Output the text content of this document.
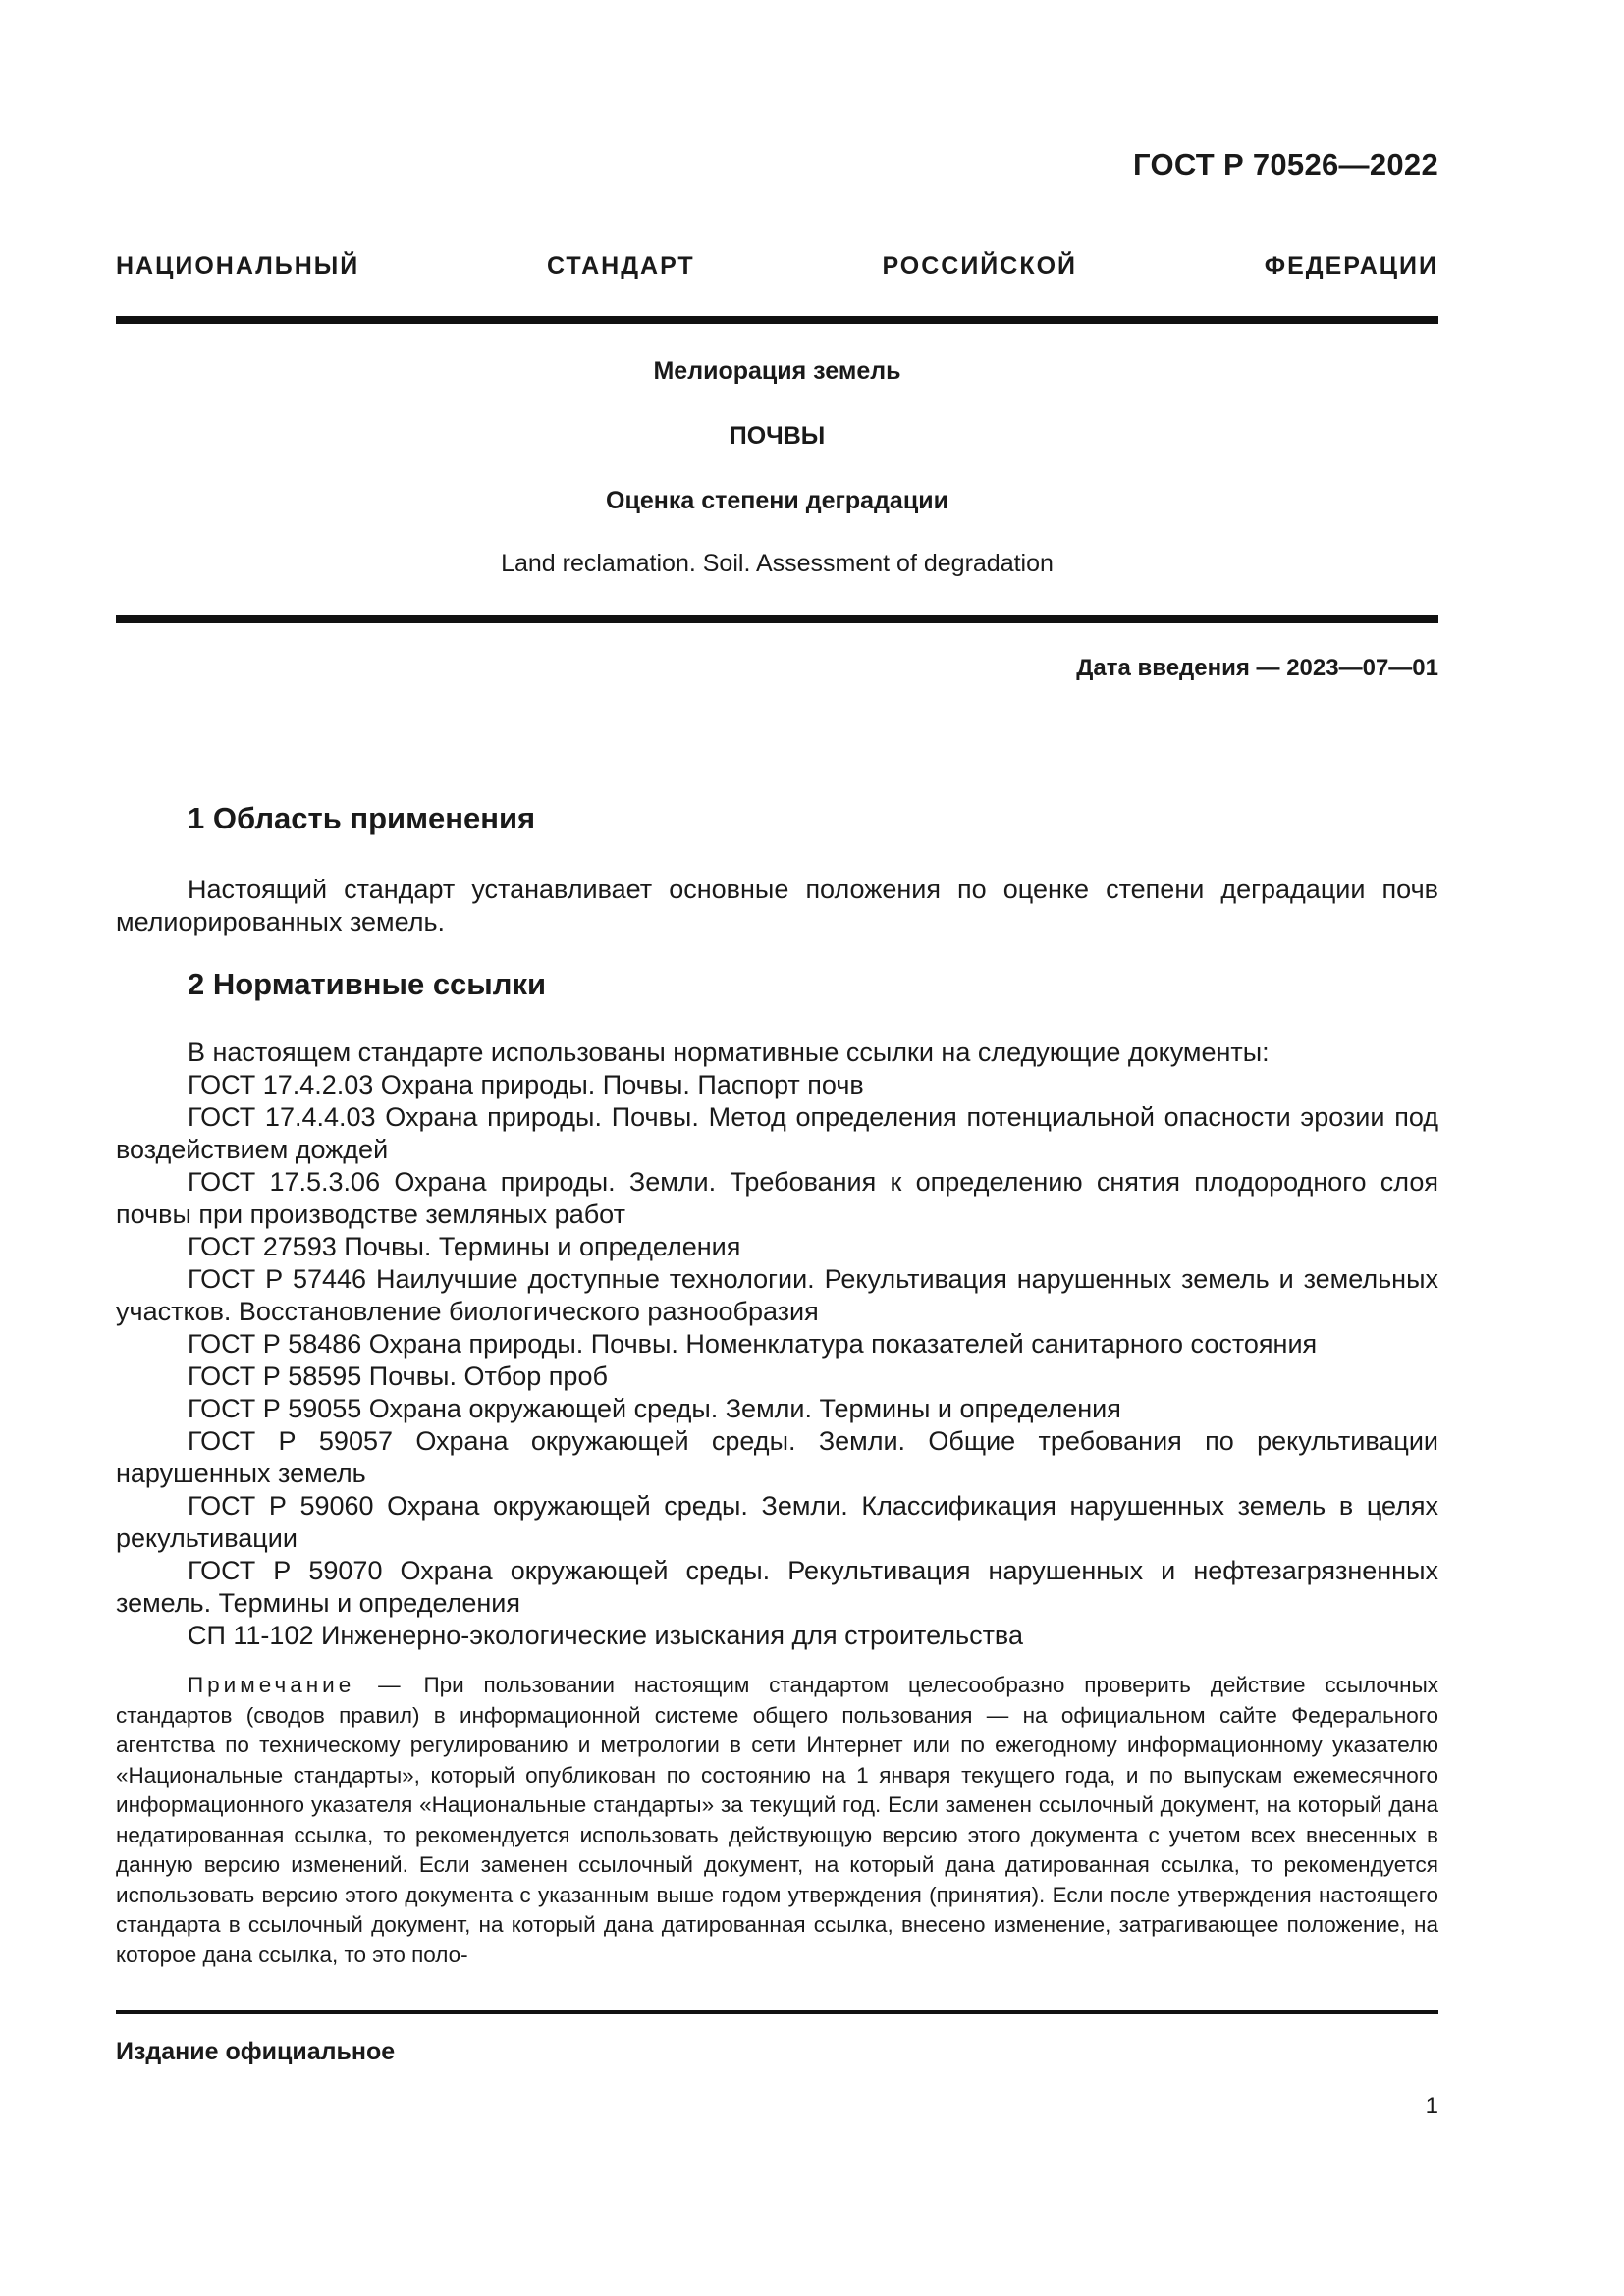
ГОСТ Р 70526—2022
НАЦИОНАЛЬНЫЙ СТАНДАРТ РОССИЙСКОЙ ФЕДЕРАЦИИ
Мелиорация земель
ПОЧВЫ
Оценка степени деградации
Land reclamation. Soil. Assessment of degradation
Дата введения — 2023—07—01
1 Область применения

Настоящий стандарт устанавливает основные положения по оценке степени деградации почв мелиорированных земель.

2 Нормативные ссылки

В настоящем стандарте использованы нормативные ссылки на следующие документы:

ГОСТ 17.4.2.03 Охрана природы. Почвы. Паспорт почв

ГОСТ 17.4.4.03 Охрана природы. Почвы. Метод определения потенциальной опасности эрозии под воздействием дождей

ГОСТ 17.5.3.06 Охрана природы. Земли. Требования к определению снятия плодородного слоя почвы при производстве земляных работ

ГОСТ 27593 Почвы. Термины и определения

ГОСТ Р 57446 Наилучшие доступные технологии. Рекультивация нарушенных земель и земельных участков. Восстановление биологического разнообразия

ГОСТ Р 58486 Охрана природы. Почвы. Номенклатура показателей санитарного состояния

ГОСТ Р 58595 Почвы. Отбор проб

ГОСТ Р 59055 Охрана окружающей среды. Земли. Термины и определения

ГОСТ Р 59057 Охрана окружающей среды. Земли. Общие требования по рекультивации нарушенных земель

ГОСТ Р 59060 Охрана окружающей среды. Земли. Классификация нарушенных земель в целях рекультивации

ГОСТ Р 59070 Охрана окружающей среды. Рекультивация нарушенных и нефтезагрязненных земель. Термины и определения

СП 11-102 Инженерно-экологические изыскания для строительства

Примечание — При пользовании настоящим стандартом целесообразно проверить действие ссылочных стандартов (сводов правил) в информационной системе общего пользования — на официальном сайте Федерального агентства по техническому регулированию и метрологии в сети Интернет или по ежегодному информационному указателю «Национальные стандарты», который опубликован по состоянию на 1 января текущего года, и по выпускам ежемесячного информационного указателя «Национальные стандарты» за текущий год. Если заменен ссылочный документ, на который дана недатированная ссылка, то рекомендуется использовать действующую версию этого документа с учетом всех внесенных в данную версию изменений. Если заменен ссылочный документ, на который дана датированная ссылка, то рекомендуется использовать версию этого документа с указанным выше годом утверждения (принятия). Если после утверждения настоящего стандарта в ссылочный документ, на который дана датированная ссылка, внесено изменение, затрагивающее положение, на которое дана ссылка, то это поло-
Издание официальное
1
